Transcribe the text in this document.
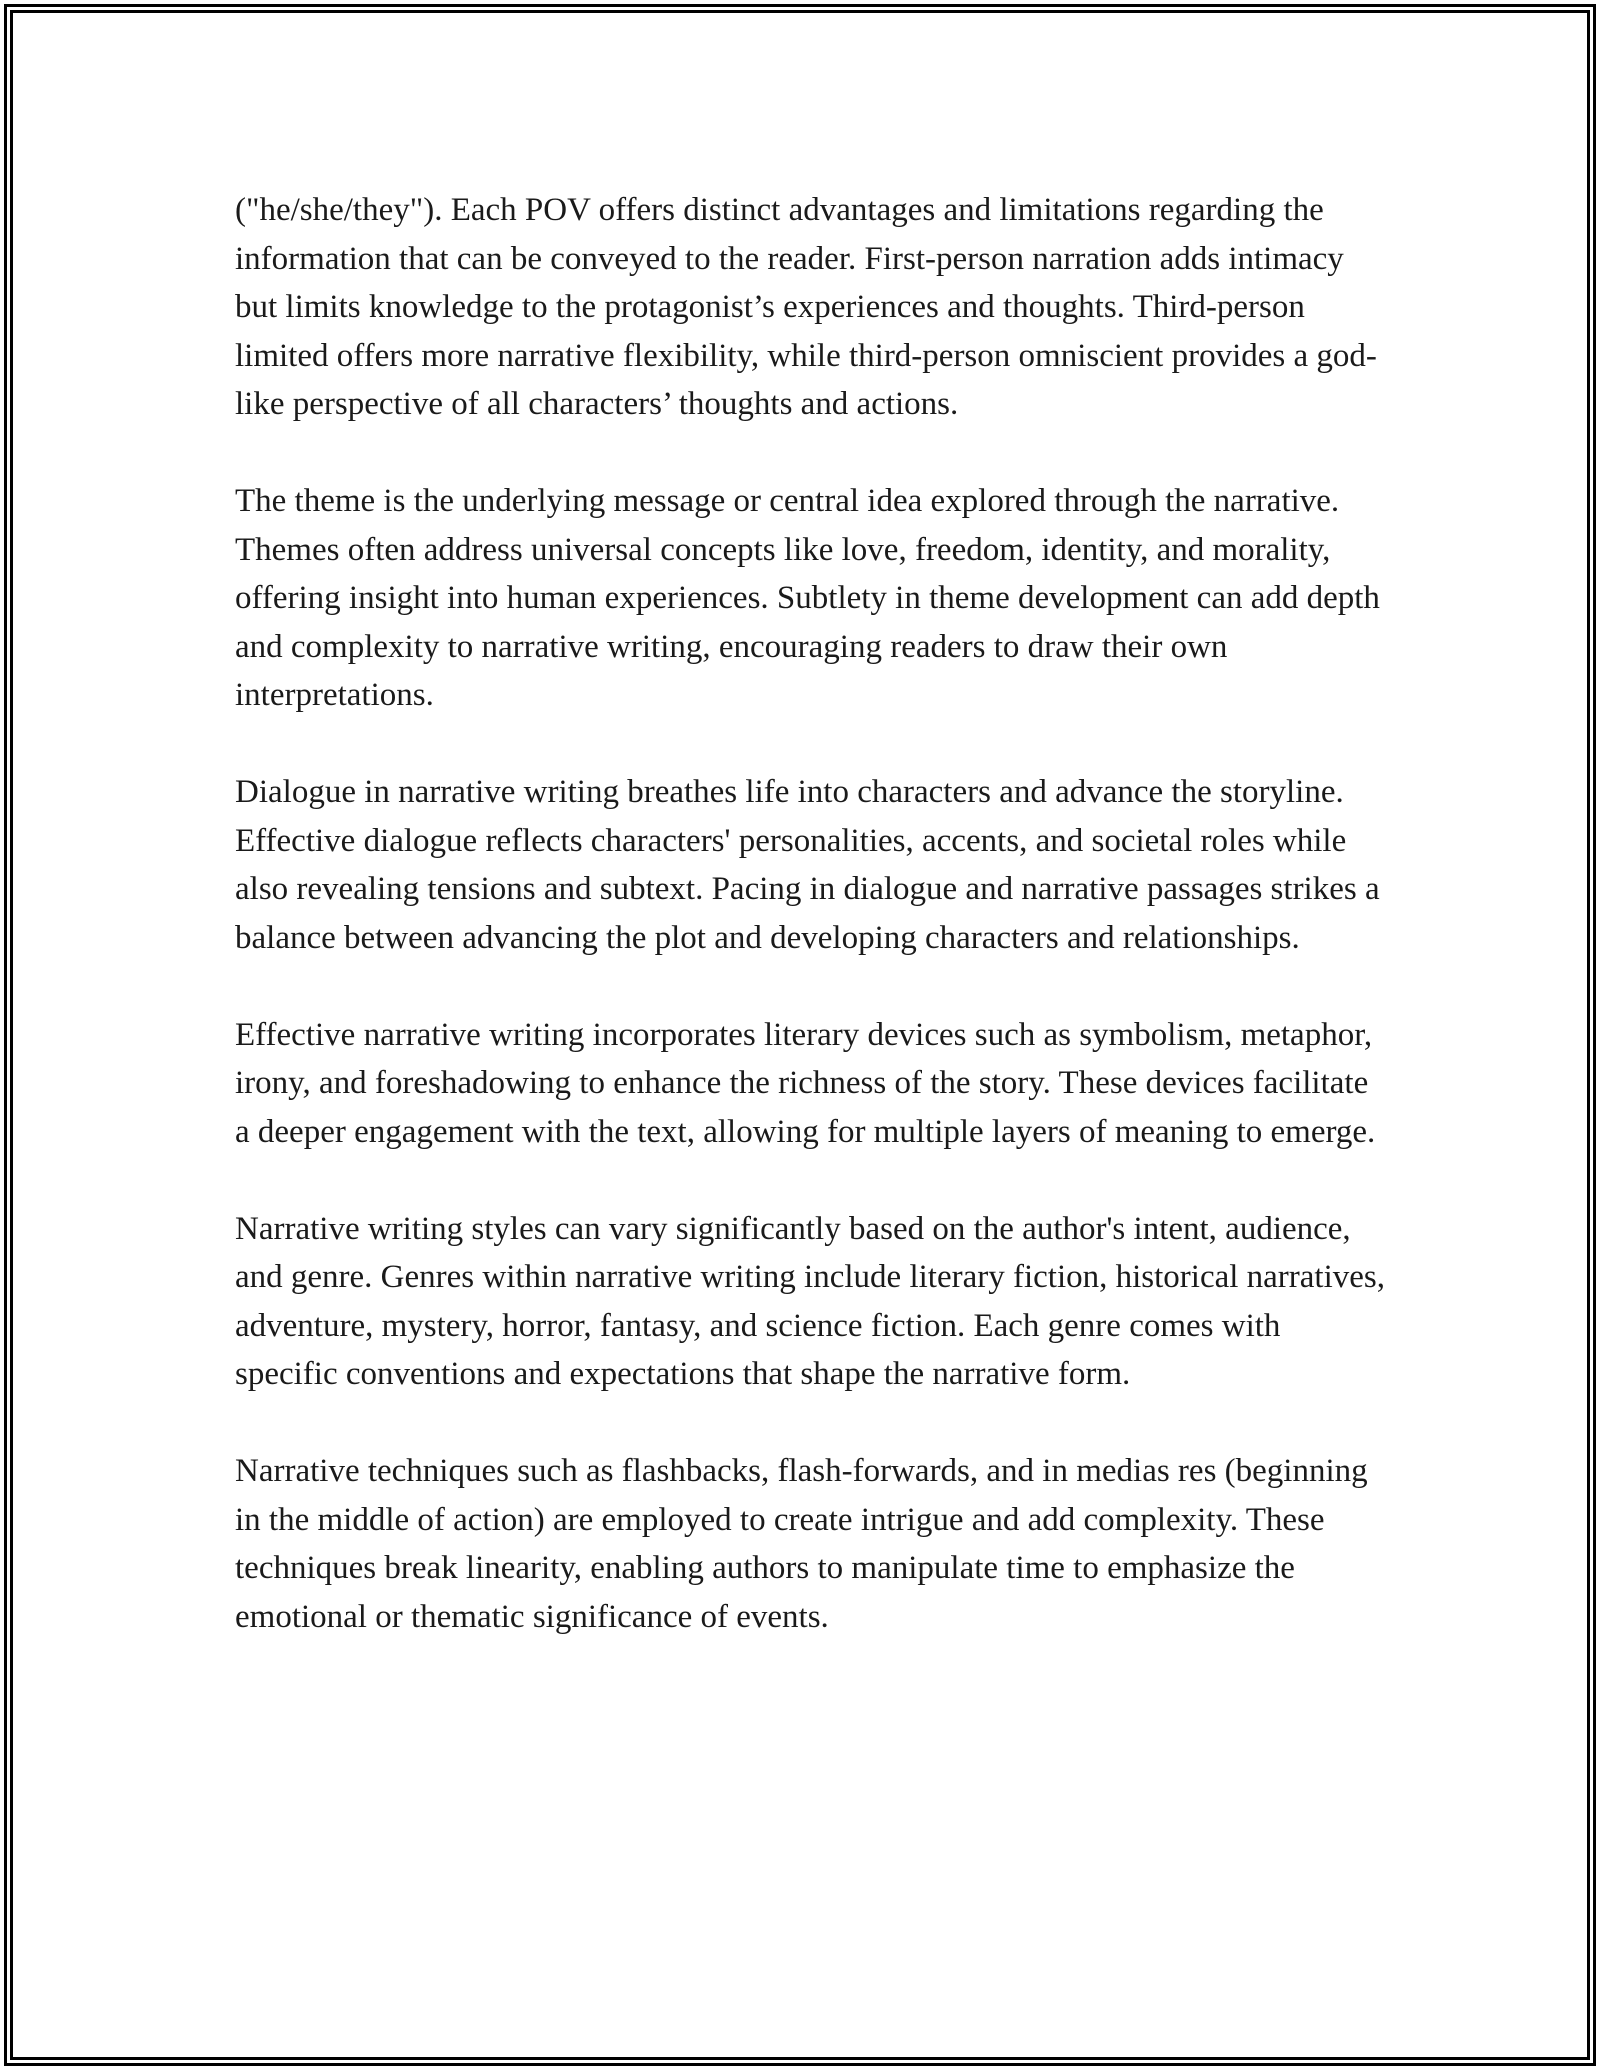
("he/she/they"). Each POV offers distinct advantages and limitations regarding the information that can be conveyed to the reader. First-person narration adds intimacy but limits knowledge to the protagonist’s experiences and thoughts. Third-person limited offers more narrative flexibility, while third-person omniscient provides a god-like perspective of all characters’ thoughts and actions.

The theme is the underlying message or central idea explored through the narrative. Themes often address universal concepts like love, freedom, identity, and morality, offering insight into human experiences. Subtlety in theme development can add depth and complexity to narrative writing, encouraging readers to draw their own interpretations.

Dialogue in narrative writing breathes life into characters and advance the storyline. Effective dialogue reflects characters' personalities, accents, and societal roles while also revealing tensions and subtext. Pacing in dialogue and narrative passages strikes a balance between advancing the plot and developing characters and relationships.

Effective narrative writing incorporates literary devices such as symbolism, metaphor, irony, and foreshadowing to enhance the richness of the story. These devices facilitate a deeper engagement with the text, allowing for multiple layers of meaning to emerge.

Narrative writing styles can vary significantly based on the author's intent, audience, and genre. Genres within narrative writing include literary fiction, historical narratives, adventure, mystery, horror, fantasy, and science fiction. Each genre comes with specific conventions and expectations that shape the narrative form.

Narrative techniques such as flashbacks, flash-forwards, and in medias res (beginning in the middle of action) are employed to create intrigue and add complexity. These techniques break linearity, enabling authors to manipulate time to emphasize the emotional or thematic significance of events.
